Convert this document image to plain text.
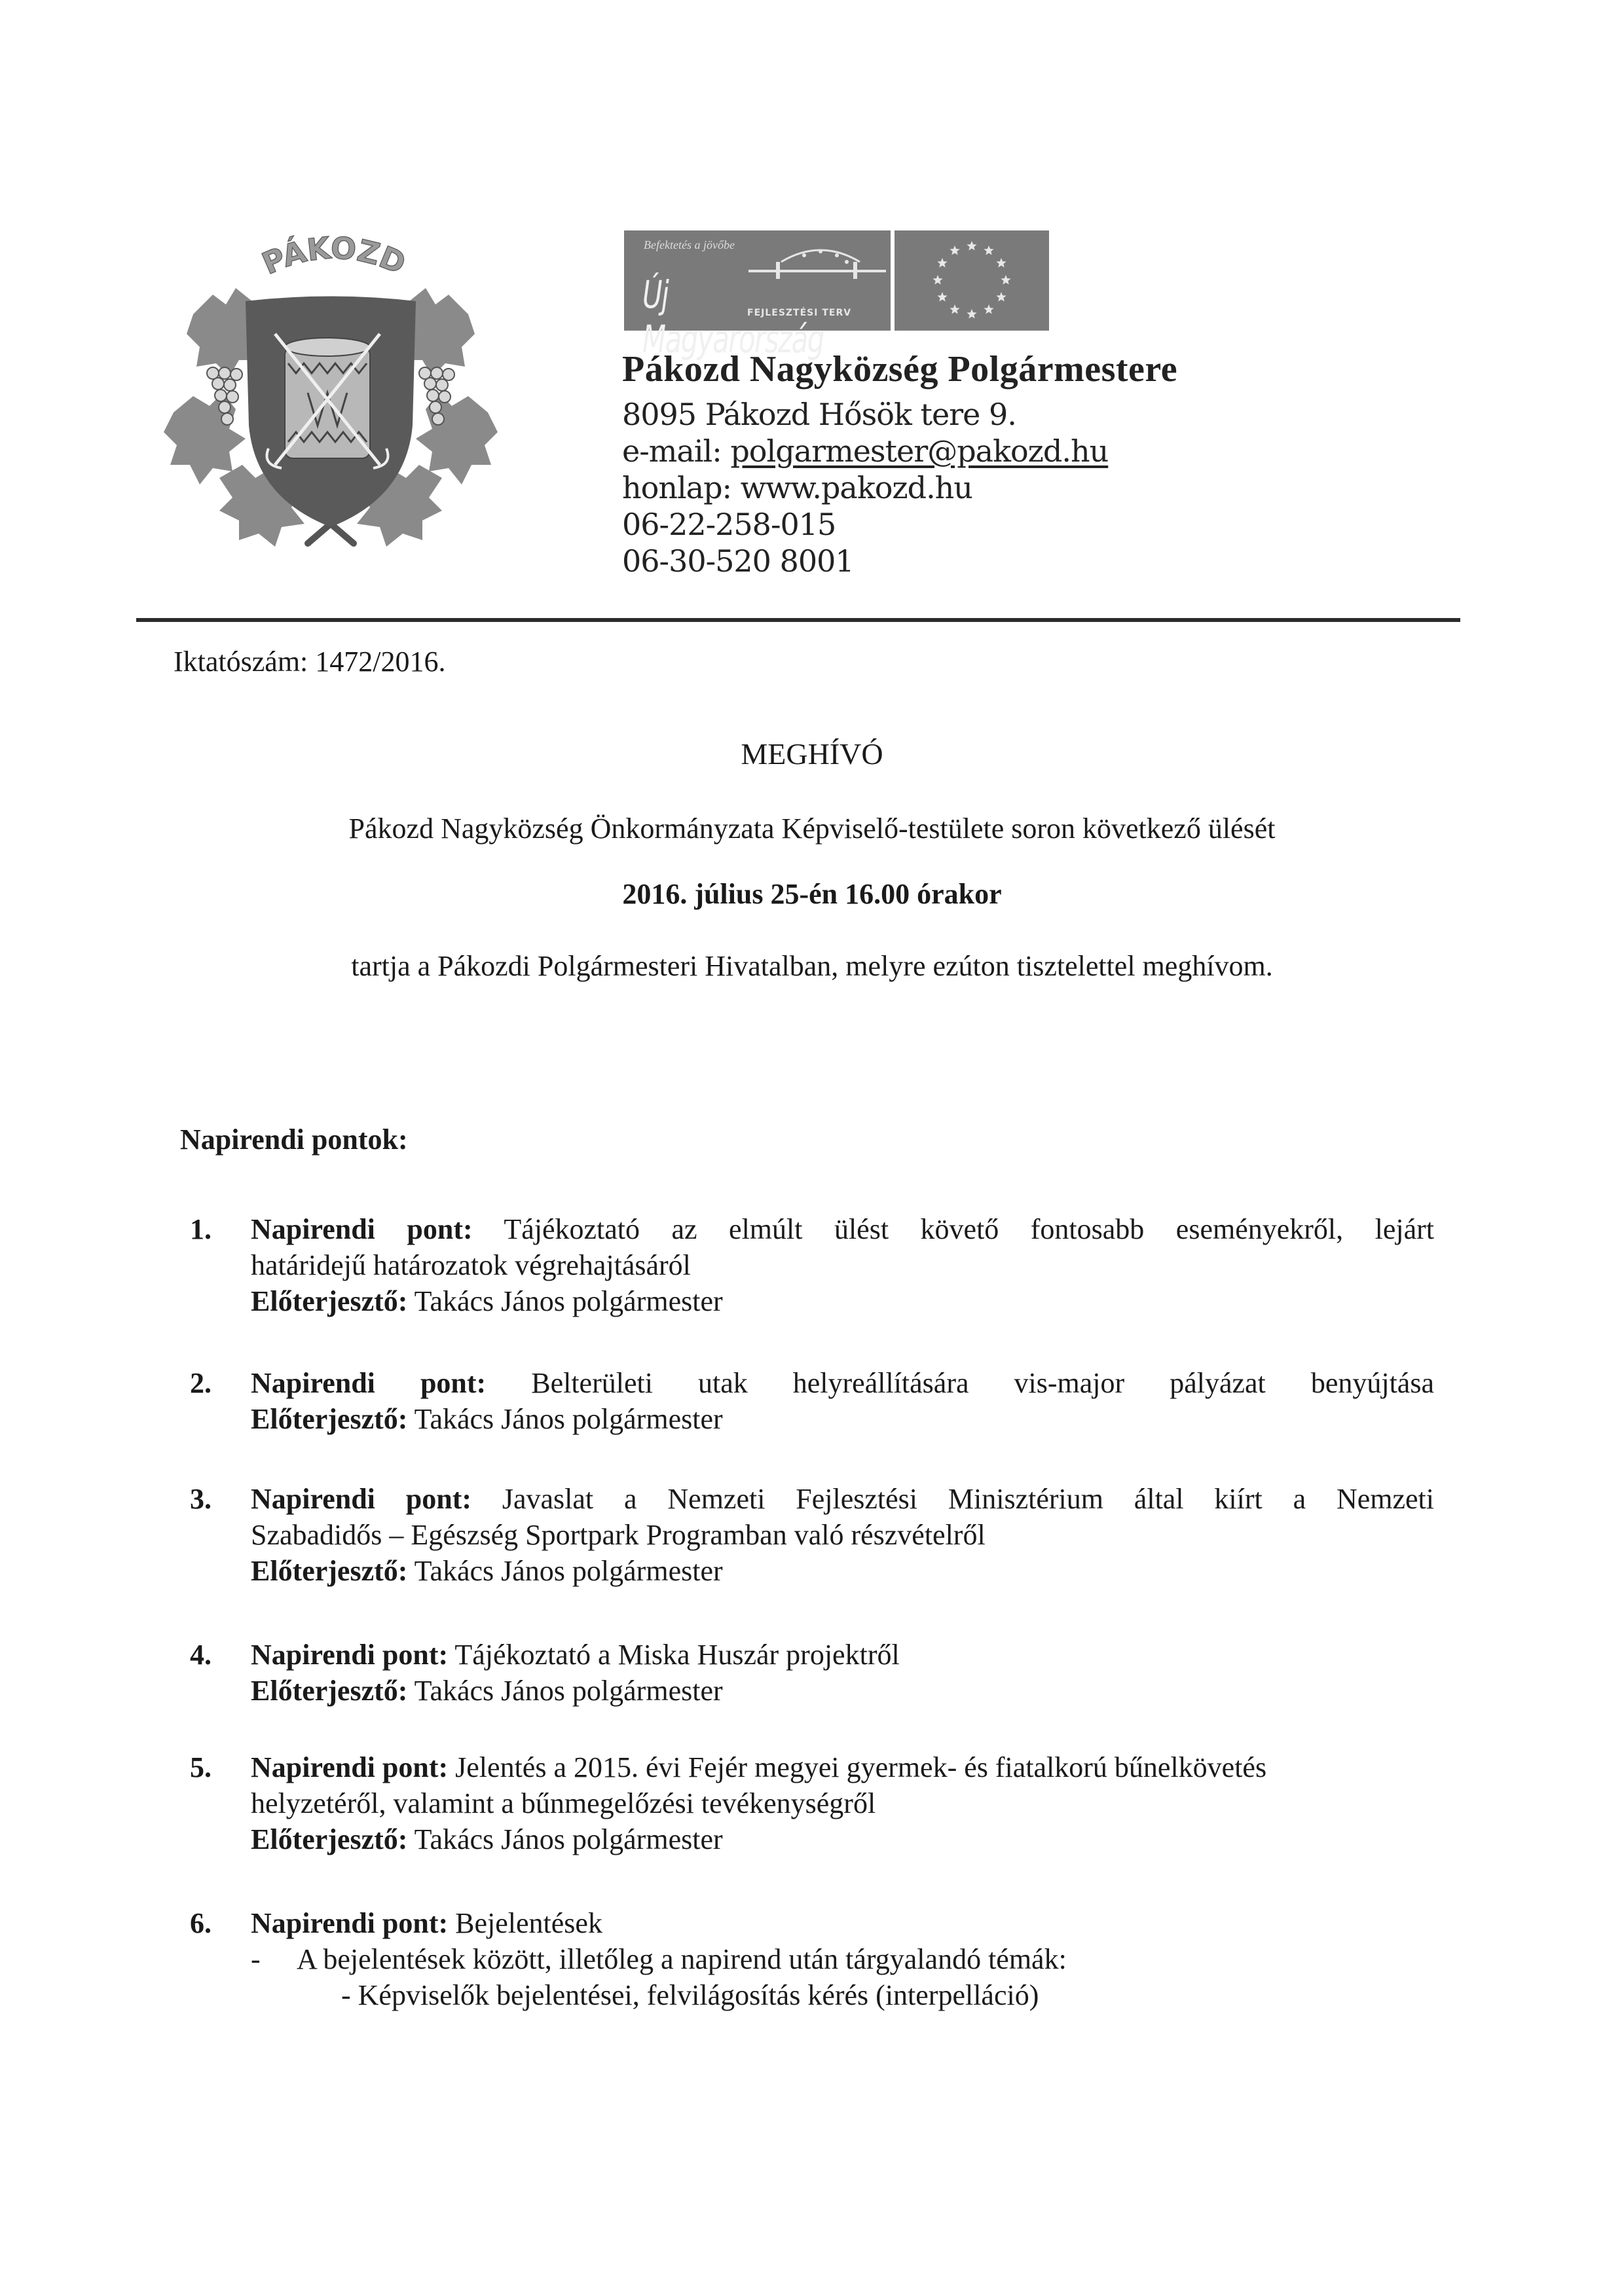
PÁKOZD	Befektetés a jövőbe
Új Magyarország
FEJLESZTÉSI TERV
Pákozd Nagyközség Polgármestere
8095 Pákozd Hősök tere 9.
e-mail: polgarmester@pakozd.hu
honlap: www.pakozd.hu
06-22-258-015
06-30-520 8001
Iktatószám: 1472/2016.
MEGHÍVÓ
Pákozd Nagyközség Önkormányzata Képviselő-testülete soron következő ülését
2016. július 25-én 16.00 órakor
tartja a Pákozdi Polgármesteri Hivatalban, melyre ezúton tisztelettel meghívom.
Napirendi pontok:
1. Napirendi pont: Tájékoztató az elmúlt ülést követő fontosabb eseményekről, lejárt
határidejű határozatok végrehajtásáról
Előterjesztő: Takács János polgármester
2. Napirendi pont: Belterületi utak helyreállítására vis-major pályázat benyújtása
Előterjesztő: Takács János polgármester
3. Napirendi pont: Javaslat a Nemzeti Fejlesztési Minisztérium által kiírt a Nemzeti
Szabadidős – Egészség Sportpark Programban való részvételről
Előterjesztő: Takács János polgármester
4. Napirendi pont: Tájékoztató a Miska Huszár projektről
Előterjesztő: Takács János polgármester
5. Napirendi pont: Jelentés a 2015. évi Fejér megyei gyermek- és fiatalkorú bűnelkövetés
helyzetéről, valamint a bűnmegelőzési tevékenységről
Előterjesztő: Takács János polgármester
6. Napirendi pont: Bejelentések
- A bejelentések között, illetőleg a napirend után tárgyalandó témák:
- Képviselők bejelentései, felvilágosítás kérés (interpelláció)
